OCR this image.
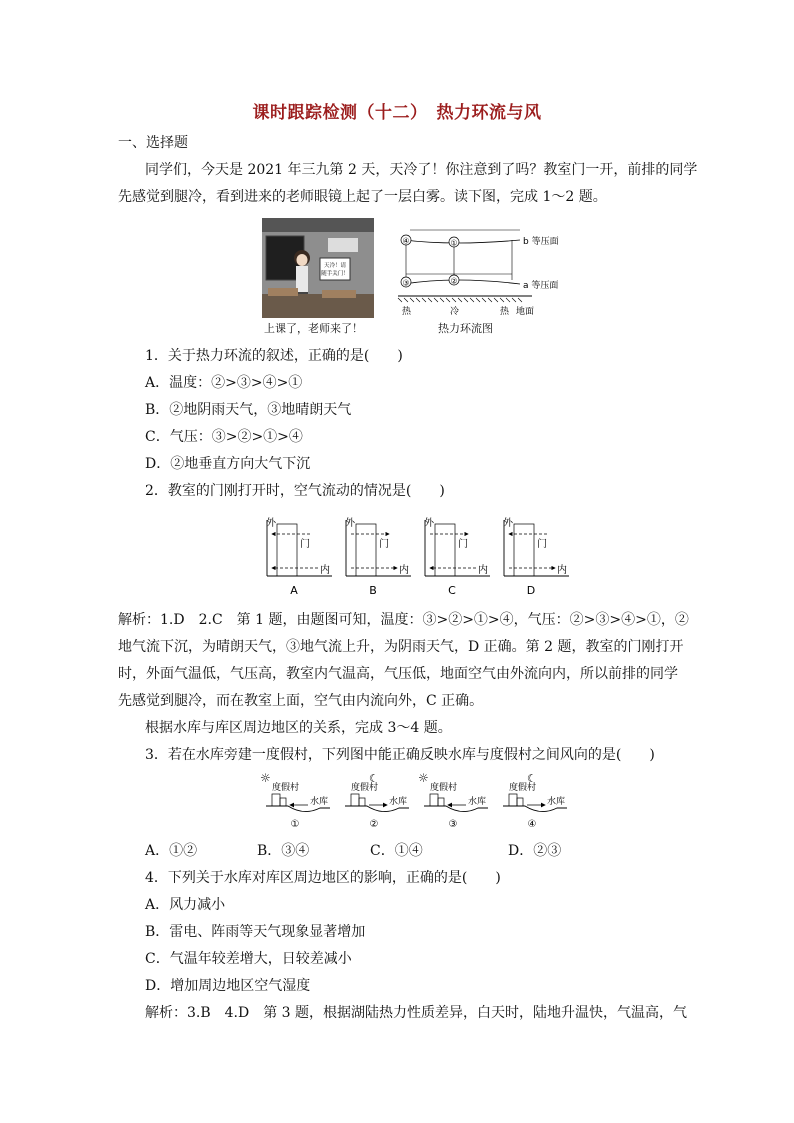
课时跟踪检测（十二）　热力环流与风
一、选择题
同学们，今天是 2021 年三九第 2 天，天冷了！你注意到了吗？教室门一开，前排的同学
先感觉到腿冷，看到进来的老师眼镜上起了一层白雾。读下图，完成 1～2 题。
天冷！请
随手关门！
上课了，老师来了！
④	①
③	②
b 等压面
a 等压面
热	冷	热 地面
热力环流图
1．关于热力环流的叙述，正确的是(　　)
A．温度：②>③>④>①
B．②地阴雨天气，③地晴朗天气
C．气压：③>②>①>④
D．②地垂直方向大气下沉
2．教室的门刚打开时，空气流动的情况是(　　)
外
门
内
A
外
门
内
B
外
门
内
C
外
门
内
D
解析：1.D　2.C　第 1 题，由题图可知，温度：③>②>①>④，气压：②>③>④>①，②
地气流下沉，为晴朗天气，③地气流上升，为阴雨天气，D 正确。第 2 题，教室的门刚打开
时，外面气温低，气压高，教室内气温高，气压低，地面空气由外流向内，所以前排的同学
先感觉到腿冷，而在教室上面，空气由内流向外，C 正确。
根据水库与库区周边地区的关系，完成 3～4 题。
3．若在水库旁建一度假村，下列图中能正确反映水库与度假村之间风向的是(　　)
☼
度假村
水库
①
☾
度假村
水库
②
☼
度假村
水库
③
☾
度假村
水库
④
A．①②	B．③④	C．①④	D．②③
4．下列关于水库对库区周边地区的影响，正确的是(　　)
A．风力减小
B．雷电、阵雨等天气现象显著增加
C．气温年较差增大，日较差减小
D．增加周边地区空气湿度
解析：3.B　4.D　第 3 题，根据湖陆热力性质差异，白天时，陆地升温快，气温高，气
